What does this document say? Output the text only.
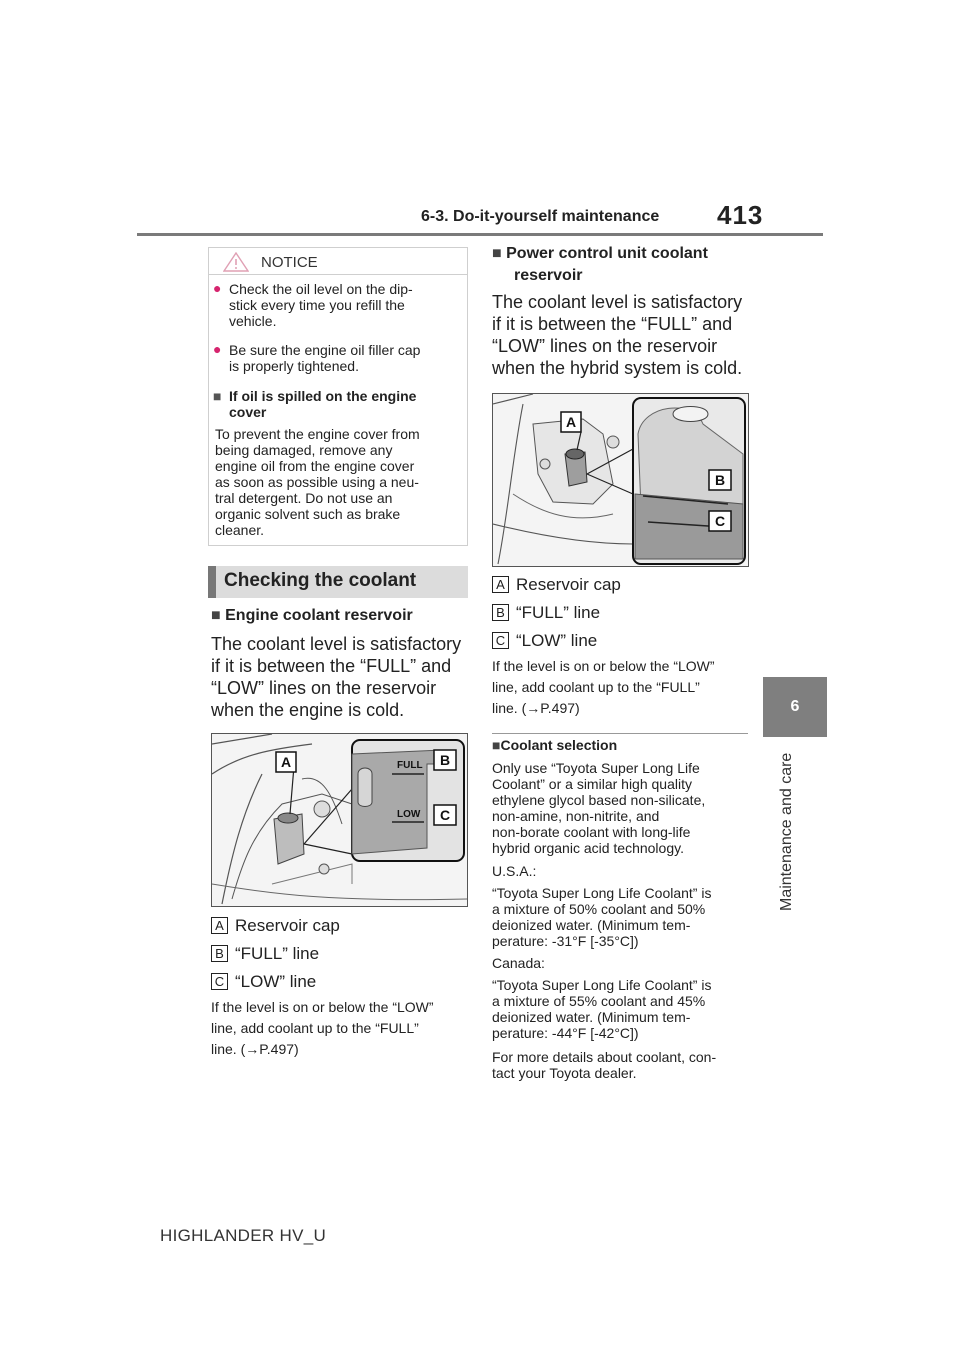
6-3. Do-it-yourself maintenance 413
6
Maintenance and care
NOTICE
● Check the oil level on the dip-
stick every time you refill the
vehicle.
● Be sure the engine oil filler cap
is properly tightened.
■ If oil is spilled on the engine
cover
To prevent the engine cover from
being damaged, remove any
engine oil from the engine cover
as soon as possible using a neu-
tral detergent. Do not use an
organic solvent such as brake
cleaner.
Checking the coolant
■ Engine coolant reservoir
The coolant level is satisfactory
if it is between the “FULL” and
“LOW” lines on the reservoir
when the engine is cold.
FULL
LOW
A	B
C
A Reservoir cap
B “FULL” line
C “LOW” line
If the level is on or below the “LOW”
line, add coolant up to the “FULL”
line. (→P.497)
■ Power control unit coolant
reservoir
The coolant level is satisfactory
if it is between the “FULL” and
“LOW” lines on the reservoir
when the hybrid system is cold.
A
B
C
A Reservoir cap
B “FULL” line
C “LOW” line
If the level is on or below the “LOW”
line, add coolant up to the “FULL”
line. (→P.497)
■Coolant selection
Only use “Toyota Super Long Life
Coolant” or a similar high quality
ethylene glycol based non-silicate,
non-amine, non-nitrite, and
non-borate coolant with long-life
hybrid organic acid technology.
U.S.A.:
“Toyota Super Long Life Coolant” is
a mixture of 50% coolant and 50%
deionized water. (Minimum tem-
perature: -31°F [-35°C])
Canada:
“Toyota Super Long Life Coolant” is
a mixture of 55% coolant and 45%
deionized water. (Minimum tem-
perature: -44°F [-42°C])
For more details about coolant, con-
tact your Toyota dealer.
HIGHLANDER HV_U
